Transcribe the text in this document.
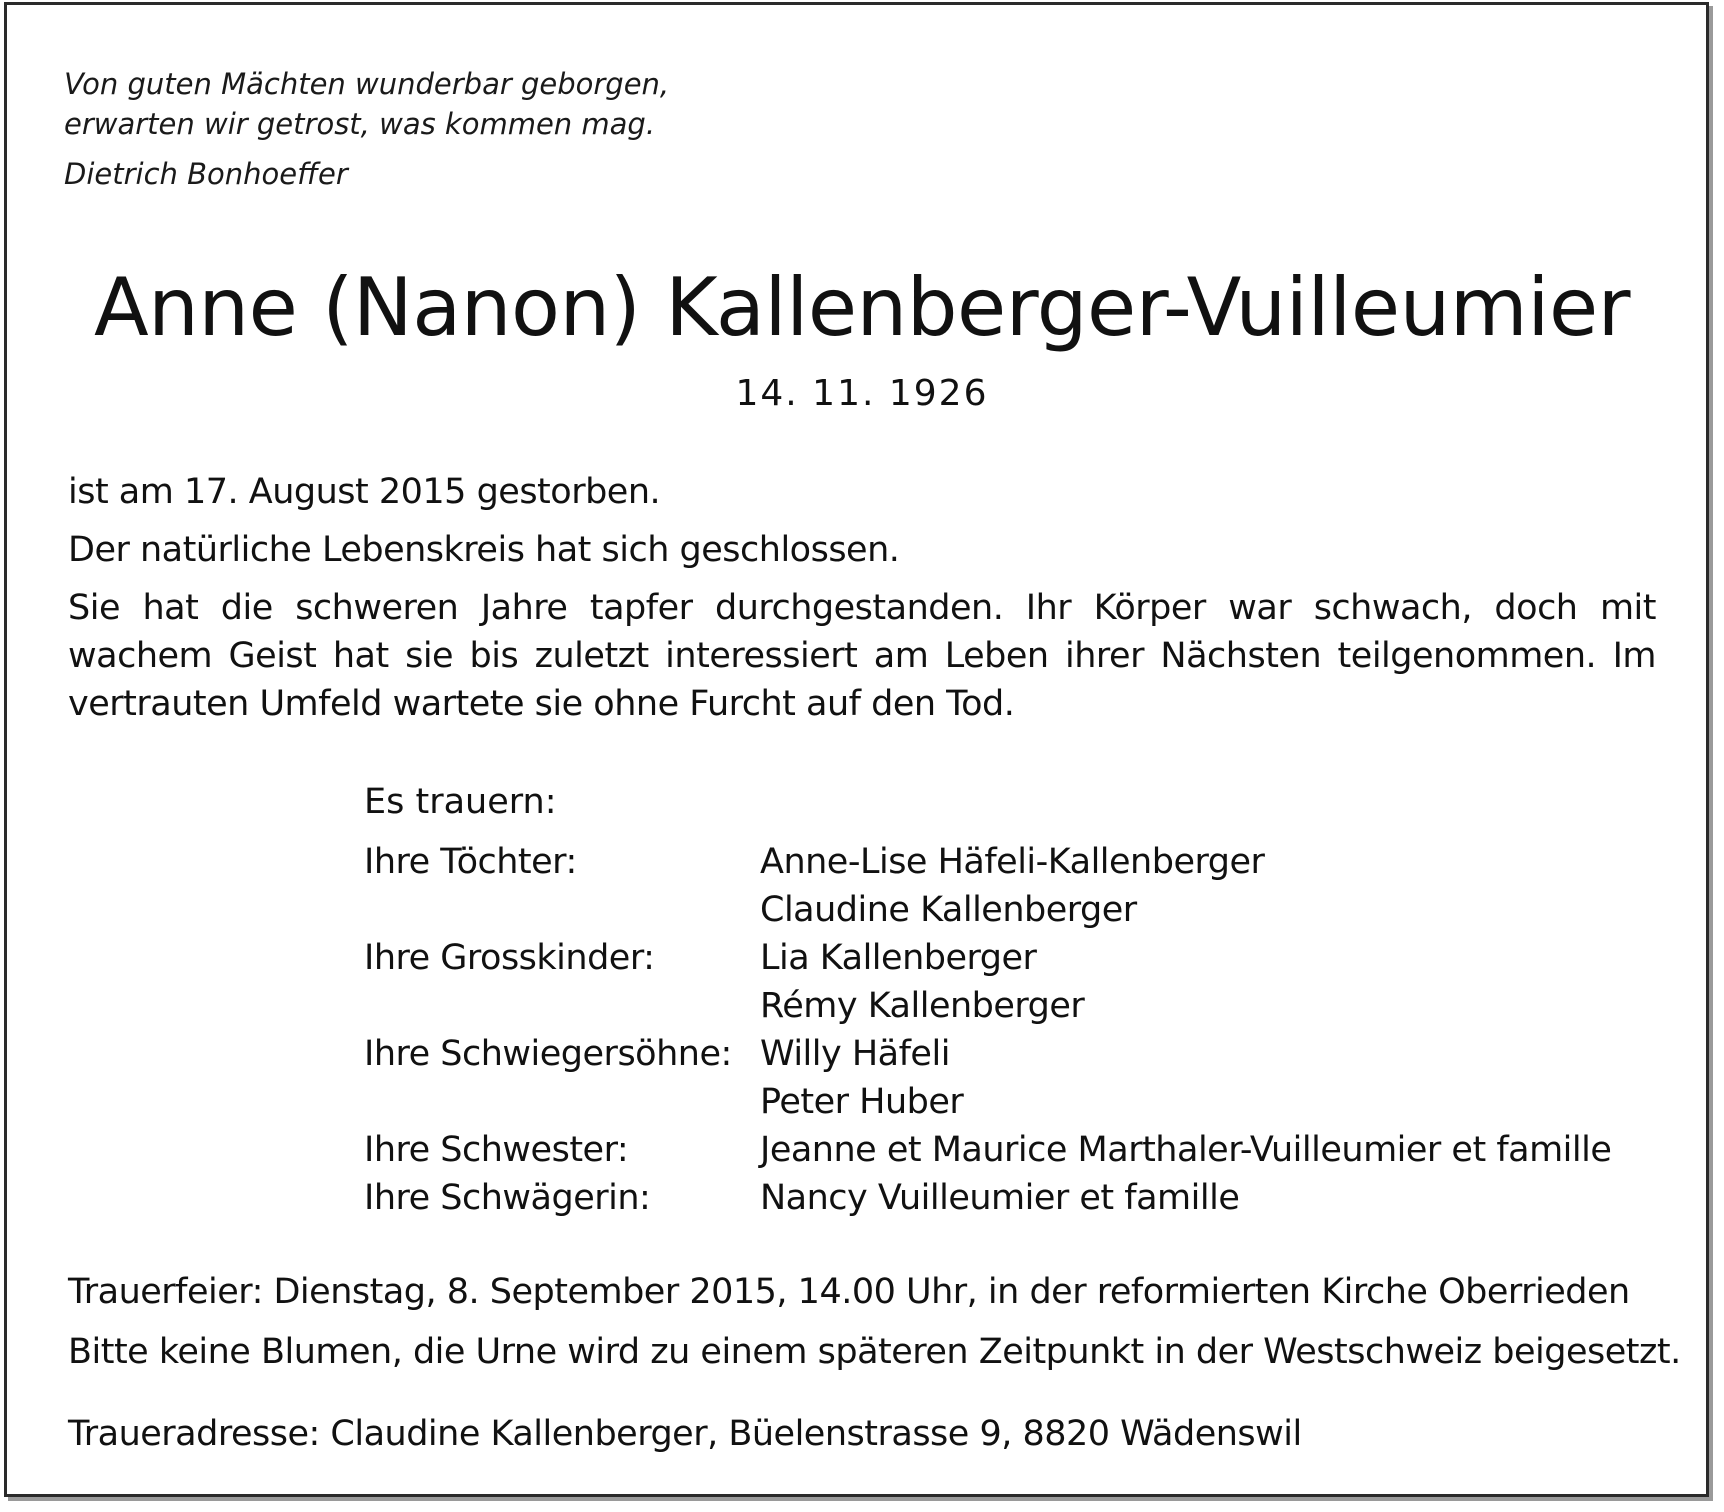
Von guten Mächten wunderbar geborgen,
erwarten wir getrost, was kommen mag.
Dietrich Bonhoeffer
Anne (Nanon) Kallenberger-Vuilleumier
14. 11. 1926
ist am 17. August 2015 gestorben.
Der natürliche Lebenskreis hat sich geschlossen.
Sie hat die schweren Jahre tapfer durchgestanden. Ihr Körper war schwach, doch mit wachem Geist hat sie bis zuletzt interessiert am Leben ihrer Nächsten teilgenommen. Im vertrauten Umfeld wartete sie ohne Furcht auf den Tod.
Es trauern:
Ihre Töchter:	Anne-Lise Häfeli-Kallenberger
Claudine Kallenberger
Ihre Grosskinder:	Lia Kallenberger
Rémy Kallenberger
Ihre Schwiegersöhne: Willy Häfeli
Peter Huber
Ihre Schwester:	Jeanne et Maurice Marthaler-Vuilleumier et famille
Ihre Schwägerin:	Nancy Vuilleumier et famille
Trauerfeier: Dienstag, 8. September 2015, 14.00 Uhr, in der reformierten Kirche Oberrieden
Bitte keine Blumen, die Urne wird zu einem späteren Zeitpunkt in der Westschweiz beigesetzt.
Traueradresse: Claudine Kallenberger, Büelenstrasse 9, 8820 Wädenswil
